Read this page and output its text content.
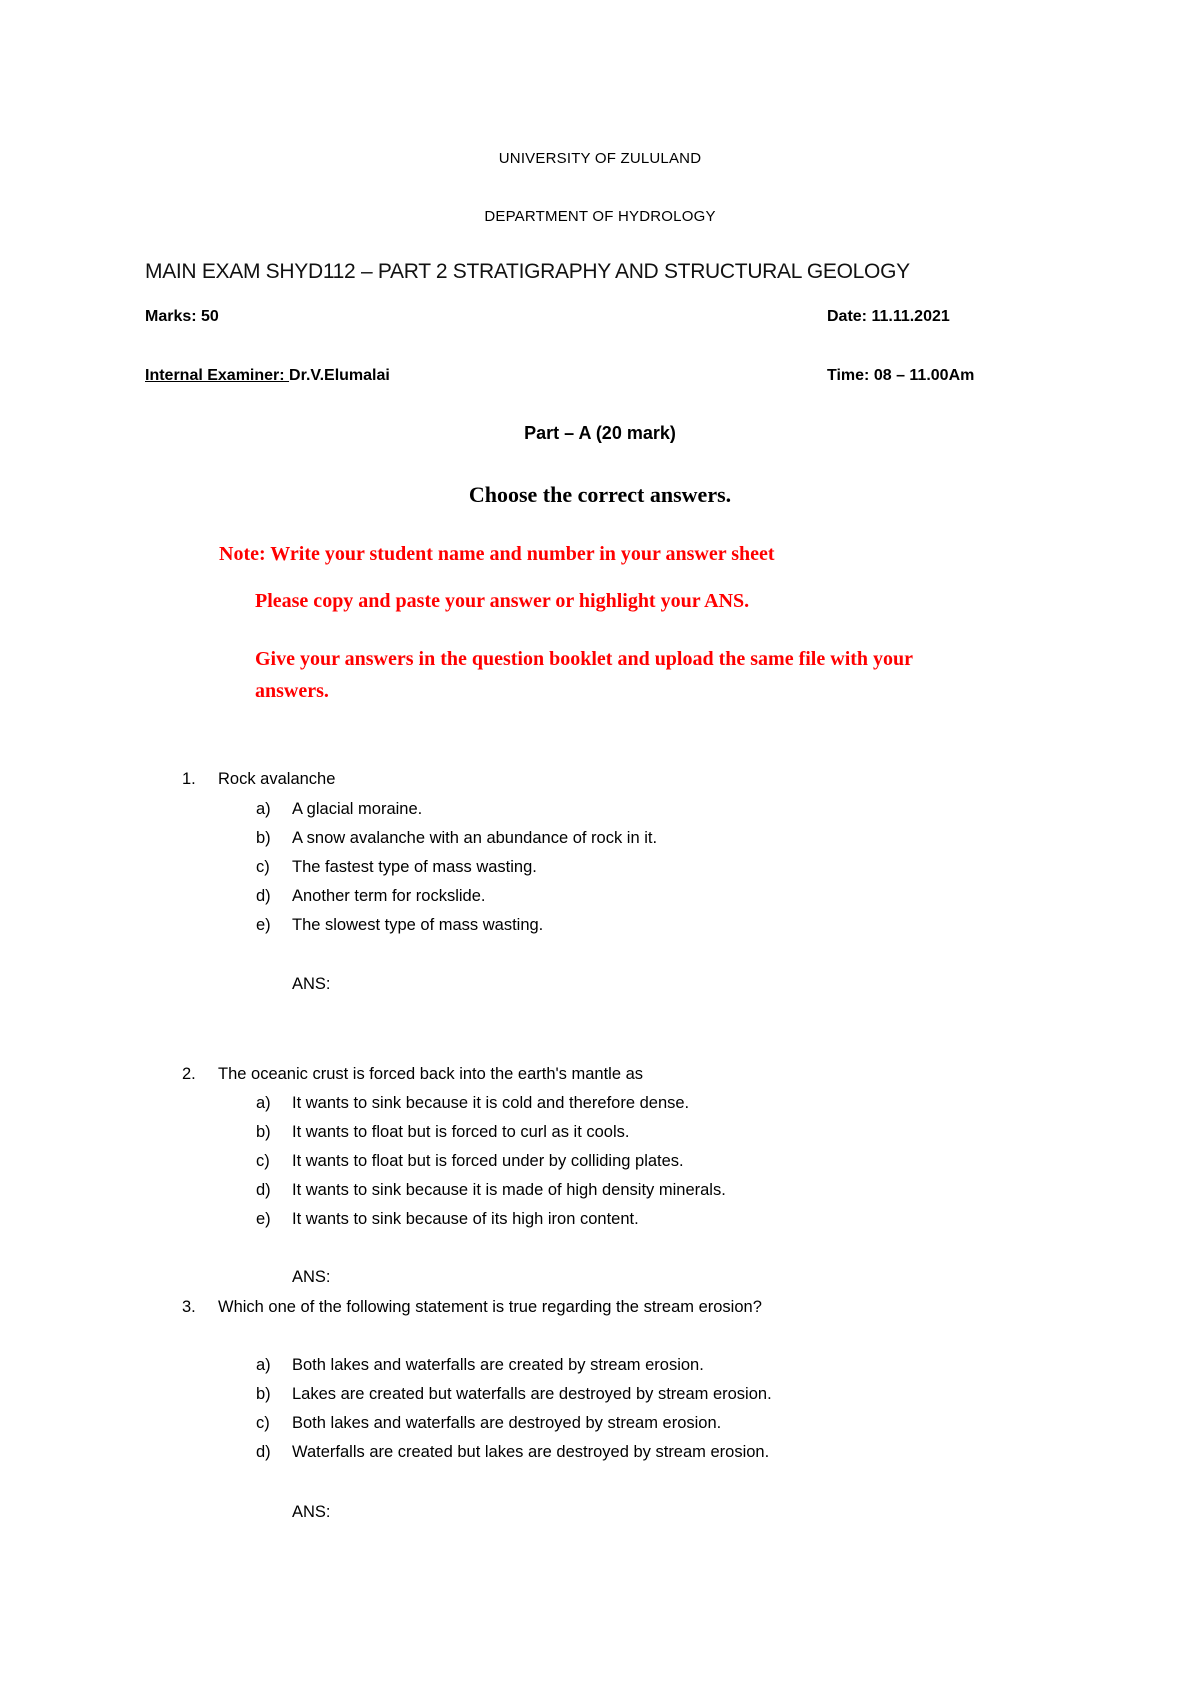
UNIVERSITY OF ZULULAND
DEPARTMENT OF HYDROLOGY
MAIN EXAM SHYD112 – PART 2 STRATIGRAPHY AND STRUCTURAL GEOLOGY
Marks: 50	Date: 11.11.2021
Internal Examiner: Dr.V.Elumalai	Time: 08 – 11.00Am
Part – A (20 mark)
Choose the correct answers.
Note: Write your student name and number in your answer sheet
Please copy and paste your answer or highlight your ANS.
Give your answers in the question booklet and upload the same file with your
answers.
1. Rock avalanche
a) A glacial moraine.
b) A snow avalanche with an abundance of rock in it.
c) The fastest type of mass wasting.
d) Another term for rockslide.
e) The slowest type of mass wasting.
ANS:
2. The oceanic crust is forced back into the earth's mantle as
a) It wants to sink because it is cold and therefore dense.
b) It wants to float but is forced to curl as it cools.
c) It wants to float but is forced under by colliding plates.
d) It wants to sink because it is made of high density minerals.
e) It wants to sink because of its high iron content.
ANS:
3. Which one of the following statement is true regarding the stream erosion?
a) Both lakes and waterfalls are created by stream erosion.
b) Lakes are created but waterfalls are destroyed by stream erosion.
c) Both lakes and waterfalls are destroyed by stream erosion.
d) Waterfalls are created but lakes are destroyed by stream erosion.
ANS:
